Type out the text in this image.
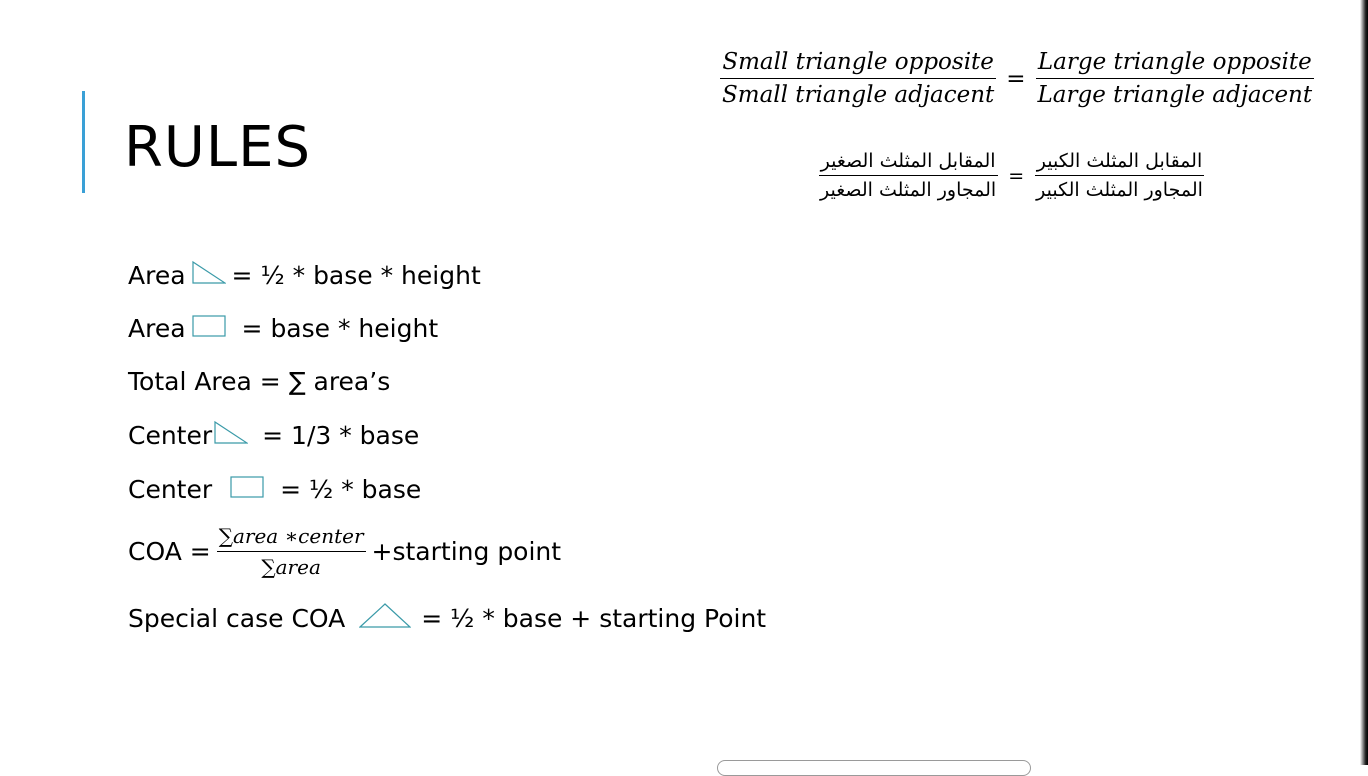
RULES
$\frac{\text{Small triangle opposite}}{\text{Small triangle adjacent}} = \frac{\text{Large triangle opposite}}{\text{Large triangle adjacent}}$
$\frac{\text{المقابل المثلث الصغير}}{\text{المجاور المثلث الصغير}} = \frac{\text{المقابل المثلث الكبير}}{\text{المجاور المثلث الكبير}}$
Area = ½ * base * height
Area = base * height
Total Area = ∑ area’s
Center = 1/3 * base
Center	= ½ * base
COA = $\frac{\text{∑area ∗center}}{\text{∑area}}$ +starting point
Special case COA	= ½ * base + starting Point
